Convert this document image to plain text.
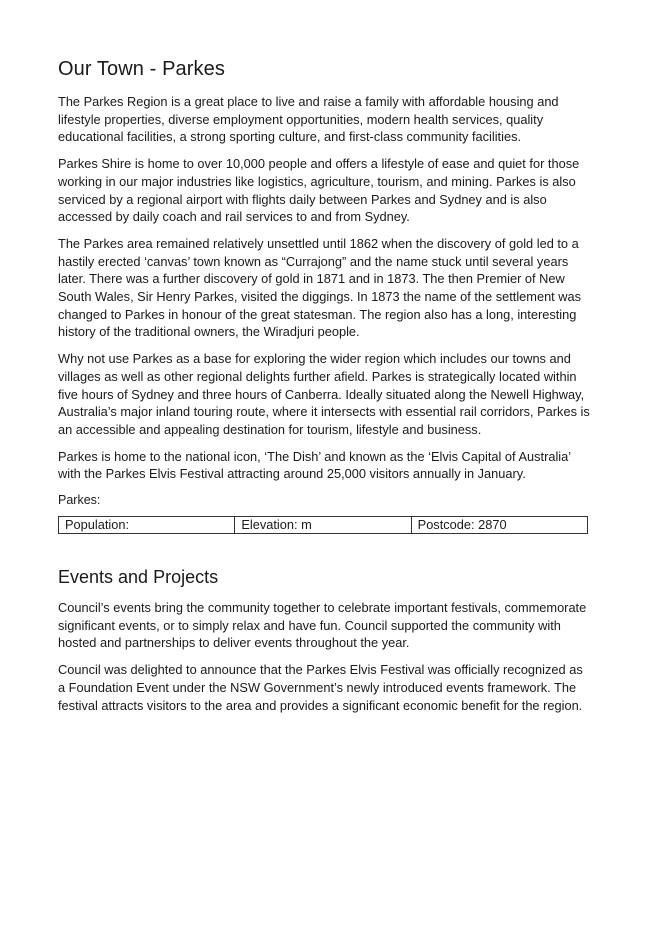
Our Town - Parkes

The Parkes Region is a great place to live and raise a family with affordable housing and lifestyle properties, diverse employment opportunities, modern health services, quality educational facilities, a strong sporting culture, and first-class community facilities.

Parkes Shire is home to over 10,000 people and offers a lifestyle of ease and quiet for those working in our major industries like logistics, agriculture, tourism, and mining. Parkes is also serviced by a regional airport with flights daily between Parkes and Sydney and is also accessed by daily coach and rail services to and from Sydney.

The Parkes area remained relatively unsettled until 1862 when the discovery of gold led to a hastily erected ‘canvas’ town known as “Currajong” and the name stuck until several years later. There was a further discovery of gold in 1871 and in 1873. The then Premier of New South Wales, Sir Henry Parkes, visited the diggings. In 1873 the name of the settlement was changed to Parkes in honour of the great statesman. The region also has a long, interesting history of the traditional owners, the Wiradjuri people.

Why not use Parkes as a base for exploring the wider region which includes our towns and villages as well as other regional delights further afield. Parkes is strategically located within five hours of Sydney and three hours of Canberra. Ideally situated along the Newell Highway, Australia’s major inland touring route, where it intersects with essential rail corridors, Parkes is an accessible and appealing destination for tourism, lifestyle and business.

Parkes is home to the national icon, ‘The Dish’ and known as the ‘Elvis Capital of Australia’ with the Parkes Elvis Festival attracting around 25,000 visitors annually in January.

Parkes:
Population:	Elevation: m	Postcode: 2870
Events and Projects

Council’s events bring the community together to celebrate important festivals, commemorate significant events, or to simply relax and have fun. Council supported the community with hosted and partnerships to deliver events throughout the year.

Council was delighted to announce that the Parkes Elvis Festival was officially recognized as a Foundation Event under the NSW Government’s newly introduced events framework. The festival attracts visitors to the area and provides a significant economic benefit for the region.
